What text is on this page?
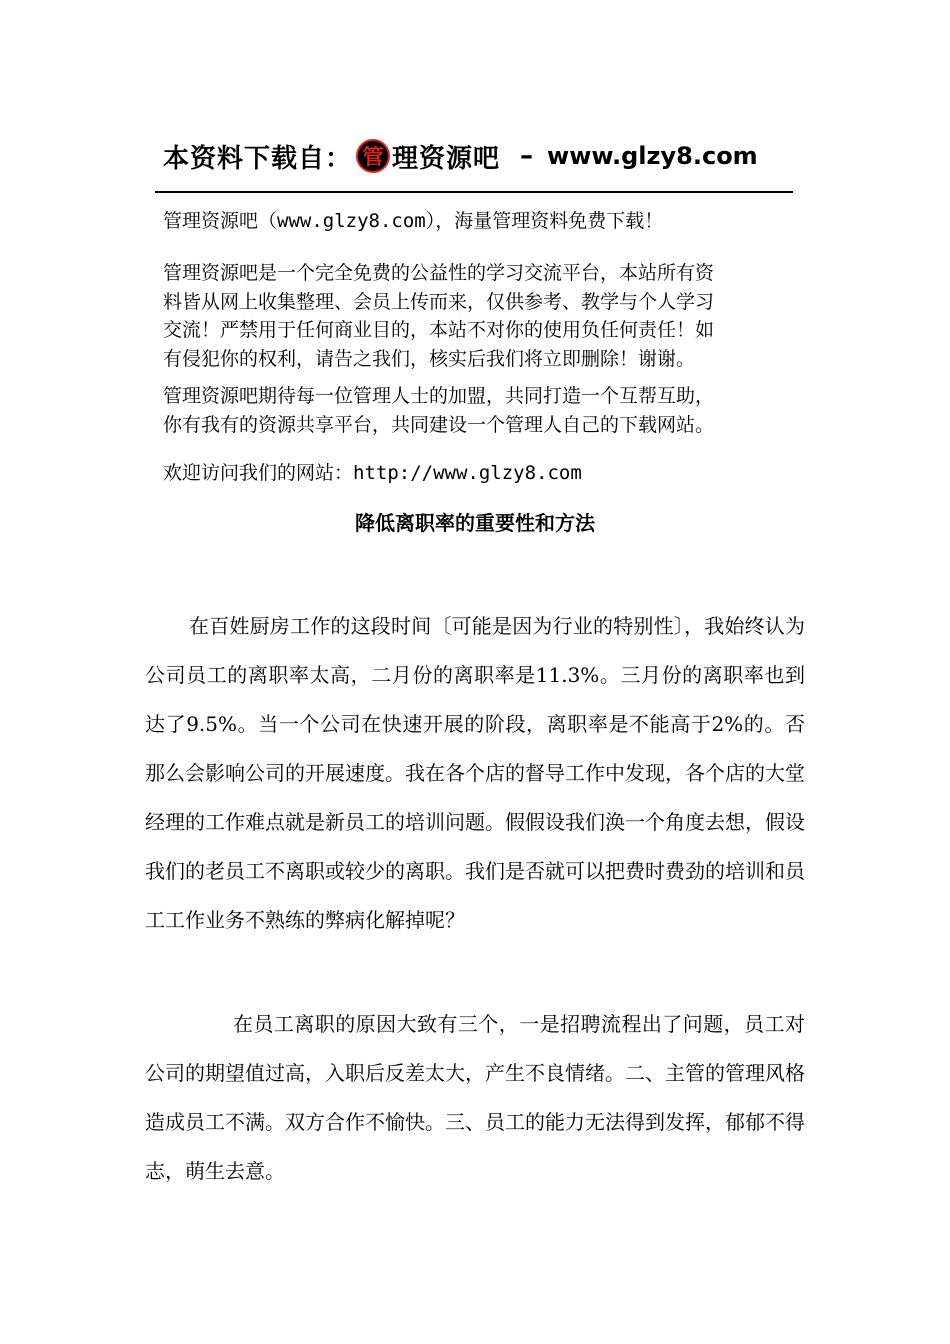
本资料下载自： 管 理资源吧 – www.glzy8.com

管理资源吧（www.glzy8.com），海量管理资料免费下载！

管理资源吧是一个完全免费的公益性的学习交流平台，本站所有资
料皆从网上收集整理、会员上传而来，仅供参考、教学与个人学习
交流！严禁用于任何商业目的，本站不对你的使用负任何责任！如
有侵犯你的权利，请告之我们，核实后我们将立即删除！谢谢。
管理资源吧期待每一位管理人士的加盟，共同打造一个互帮互助，
你有我有的资源共享平台，共同建设一个管理人自己的下载网站。

欢迎访问我们的网站：http://www.glzy8.com

降低离职率的重要性和方法

在百姓厨房工作的这段时间〔可能是因为行业的特别性〕，我始终认为公司员工的离职率太高，二月份的离职率是11.3%。三月份的离职率也到达了9.5%。当一个公司在快速开展的阶段，离职率是不能高于2%的。否那么会影响公司的开展速度。我在各个店的督导工作中发现，各个店的大堂经理的工作难点就是新员工的培训问题。假假设我们涣一个角度去想，假设我们的老员工不离职或较少的离职。我们是否就可以把费时费劲的培训和员工工作业务不熟练的弊病化解掉呢？

在员工离职的原因大致有三个，一是招聘流程出了问题，员工对公司的期望值过高，入职后反差太大，产生不良情绪。二、主管的管理风格造成员工不满。双方合作不愉快。三、员工的能力无法得到发挥，郁郁不得志，萌生去意。
